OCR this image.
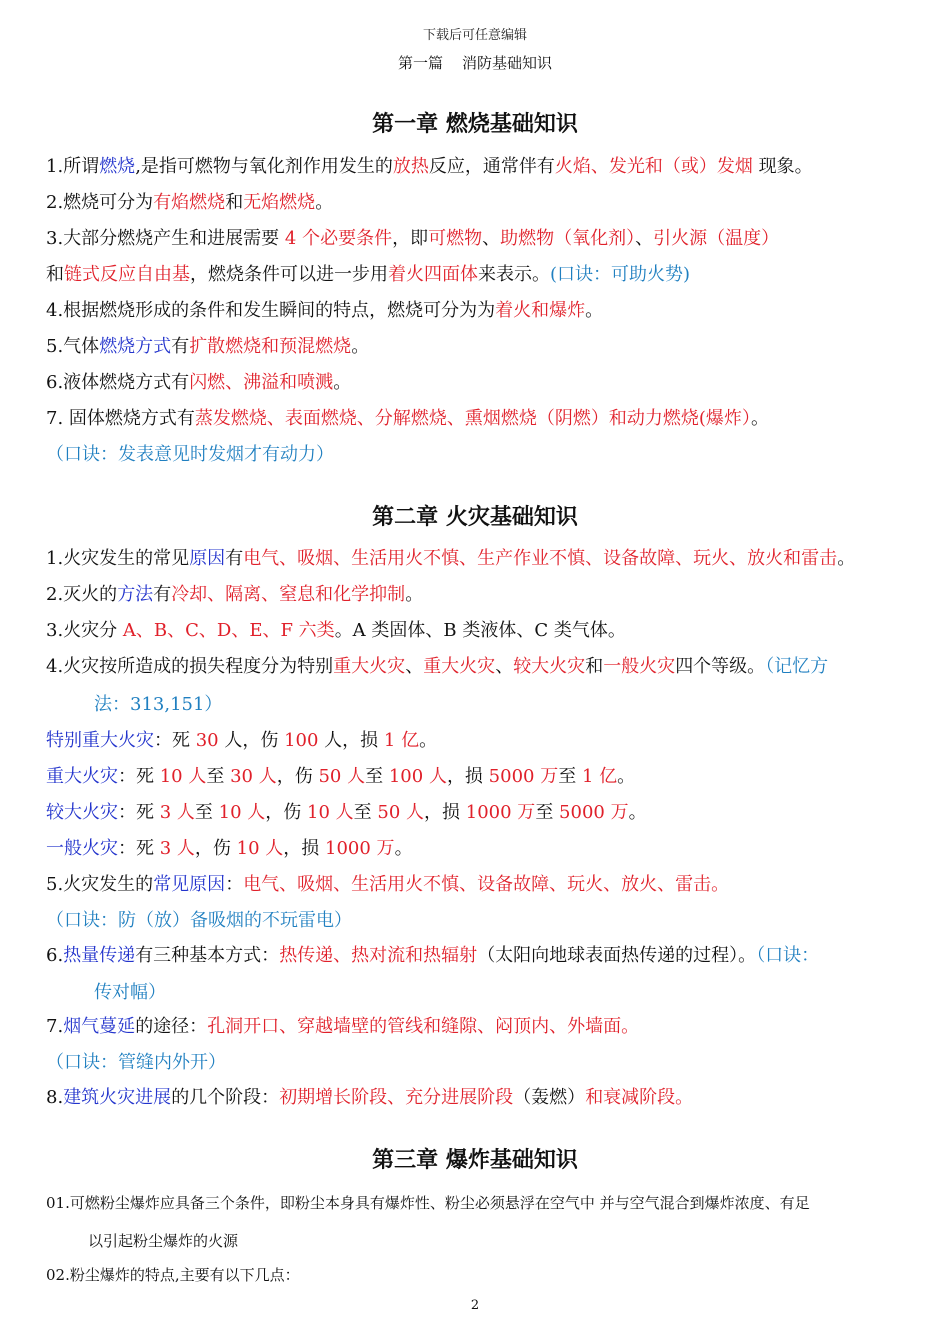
下载后可任意编辑
第一篇    消防基础知识
第一章 燃烧基础知识
1.所谓燃烧,是指可燃物与氧化剂作用发生的放热反应，通常伴有火焰、发光和（或）发烟 现象。
2.燃烧可分为有焰燃烧和无焰燃烧。
3.大部分燃烧产生和进展需要 4 个必要条件，即可燃物、助燃物（氧化剂）、引火源（温度）
和链式反应自由基，燃烧条件可以进一步用着火四面体来表示。(口诀：可助火势)
4.根据燃烧形成的条件和发生瞬间的特点，燃烧可分为为着火和爆炸。
5.气体燃烧方式有扩散燃烧和预混燃烧。
6.液体燃烧方式有闪燃、沸溢和喷溅。
7. 固体燃烧方式有蒸发燃烧、表面燃烧、分解燃烧、熏烟燃烧（阴燃）和动力燃烧(爆炸）。
（口诀：发表意见时发烟才有动力）
第二章 火灾基础知识
1.火灾发生的常见原因有电气、吸烟、生活用火不慎、生产作业不慎、设备故障、玩火、放火和雷击。
2.灭火的方法有冷却、隔离、窒息和化学抑制。
3.火灾分 A、B、C、D、E、F 六类。A 类固体、B 类液体、C 类气体。
4.火灾按所造成的损失程度分为特别重大火灾、重大火灾、较大火灾和一般火灾四个等级。（记忆方
法：313,151）
特别重大火灾：死 30 人，伤 100 人，损 1 亿。
重大火灾：死 10 人至 30 人，伤 50 人至 100 人，损 5000 万至 1 亿。
较大火灾：死 3 人至 10 人，伤 10 人至 50 人，损 1000 万至 5000 万。
一般火灾：死 3 人，伤 10 人，损 1000 万。
5.火灾发生的常见原因：电气、吸烟、生活用火不慎、设备故障、玩火、放火、雷击。
（口诀：防（放）备吸烟的不玩雷电）
6.热量传递有三种基本方式：热传递、热对流和热辐射（太阳向地球表面热传递的过程）。（口诀：
传对幅）
7.烟气蔓延的途径：孔洞开口、穿越墙壁的管线和缝隙、闷顶内、外墙面。
（口诀：管缝内外开）
8.建筑火灾进展的几个阶段：初期增长阶段、充分进展阶段（轰燃）和衰减阶段。
第三章 爆炸基础知识
01.可燃粉尘爆炸应具备三个条件，即粉尘本身具有爆炸性、粉尘必须悬浮在空气中 并与空气混合到爆炸浓度、有足
以引起粉尘爆炸的火源
02.粉尘爆炸的特点,主要有以下几点：
2
